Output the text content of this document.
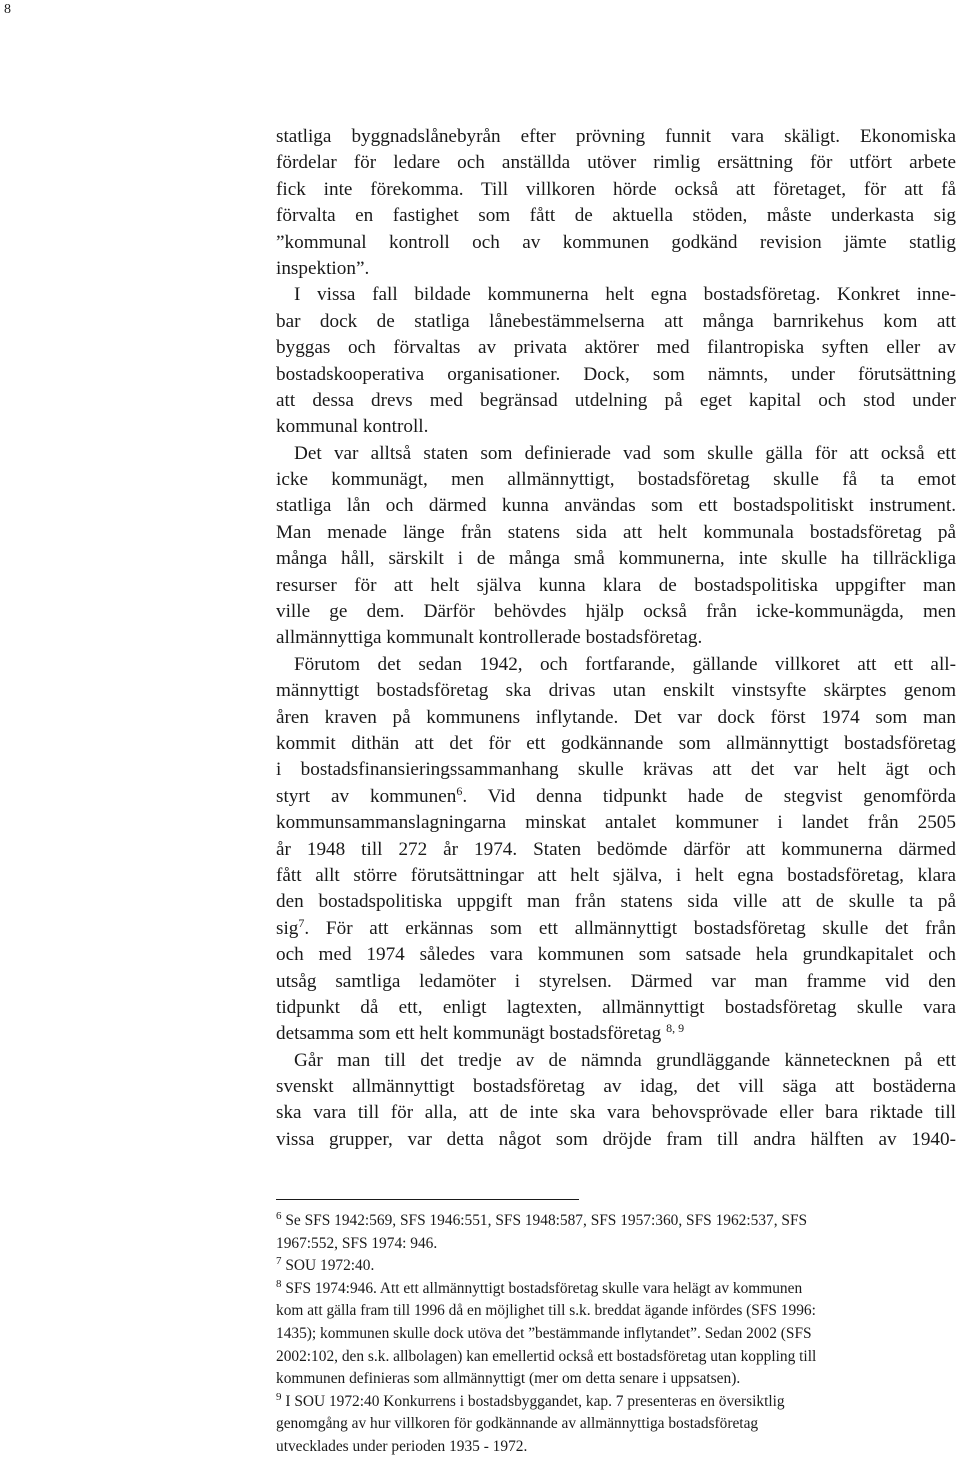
8
statliga byggnadslånebyrån efter prövning funnit vara skäligt. Ekonomiska
fördelar för ledare och anställda utöver rimlig ersättning för utfört arbete
fick inte förekomma. Till villkoren hörde också att företaget, för att få
förvalta en fastighet som fått de aktuella stöden, måste underkasta sig
”kommunal kontroll och av kommunen godkänd revision jämte statlig
inspektion”.
I vissa fall bildade kommunerna helt egna bostadsföretag. Konkret inne-
bar dock de statliga lånebestämmelserna att många barnrikehus kom att
byggas och förvaltas av privata aktörer med filantropiska syften eller av
bostadskooperativa organisationer. Dock, som nämnts, under förutsättning
att dessa drevs med begränsad utdelning på eget kapital och stod under
kommunal kontroll.
Det var alltså staten som definierade vad som skulle gälla för att också ett
icke kommunägt, men allmännyttigt, bostadsföretag skulle få ta emot
statliga lån och därmed kunna användas som ett bostadspolitiskt instrument.
Man menade länge från statens sida att helt kommunala bostadsföretag på
många håll, särskilt i de många små kommunerna, inte skulle ha tillräckliga
resurser för att helt själva kunna klara de bostadspolitiska uppgifter man
ville ge dem. Därför behövdes hjälp också från icke-kommunägda, men
allmännyttiga kommunalt kontrollerade bostadsföretag.
Förutom det sedan 1942, och fortfarande, gällande villkoret att ett all-
männyttigt bostadsföretag ska drivas utan enskilt vinstsyfte skärptes genom
åren kraven på kommunens inflytande. Det var dock först 1974 som man
kommit dithän att det för ett godkännande som allmännyttigt bostadsföretag
i bostadsfinansieringssammanhang skulle krävas att det var helt ägt och
styrt av kommunen$^6$. Vid denna tidpunkt hade de stegvist genomförda
kommunsammanslagningarna minskat antalet kommuner i landet från 2505
år 1948 till 272 år 1974. Staten bedömde därför att kommunerna därmed
fått allt större förutsättningar att helt själva, i helt egna bostadsföretag, klara
den bostadspolitiska uppgift man från statens sida ville att de skulle ta på
sig$^7$. För att erkännas som ett allmännyttigt bostadsföretag skulle det från
och med 1974 således vara kommunen som satsade hela grundkapitalet och
utsåg samtliga ledamöter i styrelsen. Därmed var man framme vid den
tidpunkt då ett, enligt lagtexten, allmännyttigt bostadsföretag skulle vara
detsamma som ett helt kommunägt bostadsföretag $^{8, 9}$
Går man till det tredje av de nämnda grundläggande kännetecknen på ett
svenskt allmännyttigt bostadsföretag av idag, det vill säga att bostäderna
ska vara till för alla, att de inte ska vara behovsprövade eller bara riktade till
vissa grupper, var detta något som dröjde fram till andra hälften av 1940-
$^6$ Se SFS 1942:569, SFS 1946:551, SFS 1948:587, SFS 1957:360, SFS 1962:537, SFS
1967:552, SFS 1974: 946.
$^7$ SOU 1972:40.
$^8$ SFS 1974:946. Att ett allmännyttigt bostadsföretag skulle vara helägt av kommunen
kom att gälla fram till 1996 då en möjlighet till s.k. breddat ägande infördes (SFS 1996:
1435); kommunen skulle dock utöva det ”bestämmande inflytandet”. Sedan 2002 (SFS
2002:102, den s.k. allbolagen) kan emellertid också ett bostadsföretag utan koppling till
kommunen definieras som allmännyttigt (mer om detta senare i uppsatsen).
$^9$ I SOU 1972:40 Konkurrens i bostadsbyggandet, kap. 7 presenteras en översiktlig
genomgång av hur villkoren för godkännande av allmännyttiga bostadsföretag
utvecklades under perioden 1935 - 1972.
